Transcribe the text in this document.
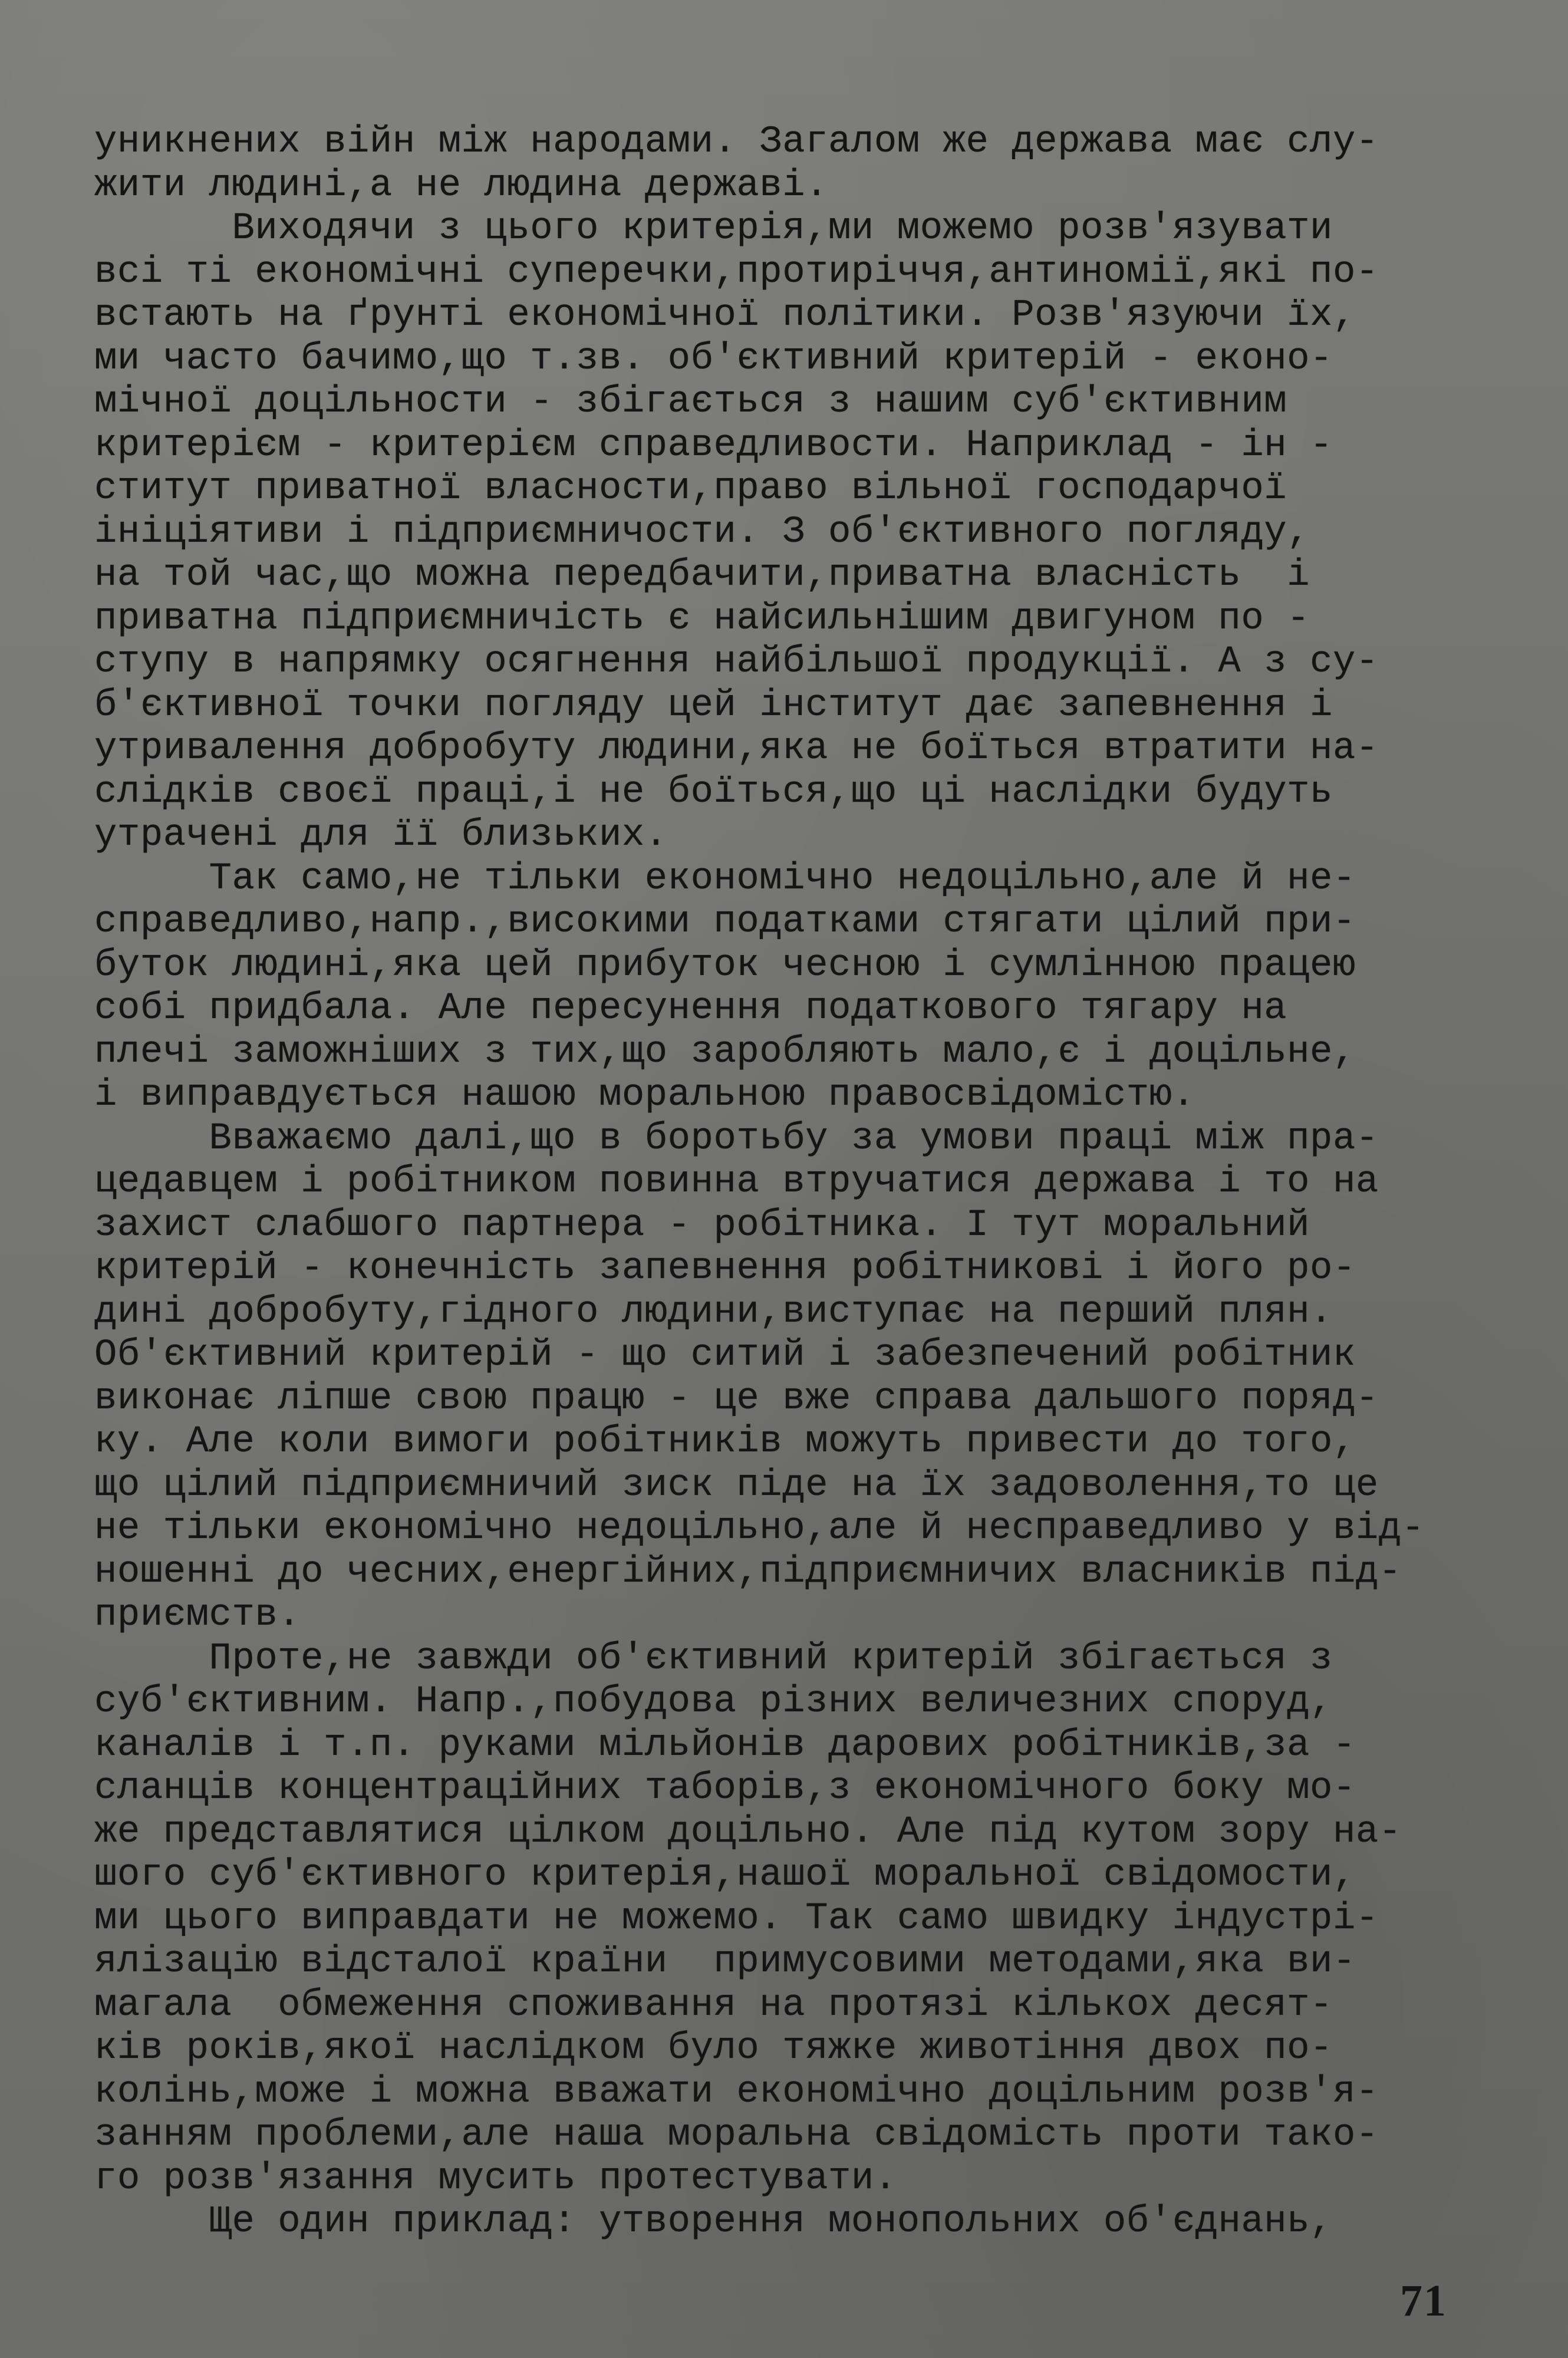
уникнених війн між народами. Загалом же держава має слу-
жити людині,а не людина державі.
Виходячи з цього критерія,ми можемо розв'язувати
всі ті економічні суперечки,протиріччя,антиномії,які по-
встають на ґрунті економічної політики. Розв'язуючи їх,
ми часто бачимо,що т.зв. об'єктивний критерій - еконо-
мічної доцільности - збігається з нашим суб'єктивним
критерієм - критерієм справедливости. Наприклад - ін -
ститут приватної власности,право вільної господарчої
ініціятиви і підприємничости. З об'єктивного погляду,
на той час,що можна передбачити,приватна власність  і
приватна підприємничість є найсильнішим двигуном по -
ступу в напрямку осягнення найбільшої продукції. А з су-
б'єктивної точки погляду цей інститут дає запевнення і
утривалення добробуту людини,яка не боїться втратити на-
слідків своєї праці,і не боїться,що ці наслідки будуть
утрачені для її близьких.
Так само,не тільки економічно недоцільно,але й не-
справедливо,напр.,високими податками стягати цілий при-
буток людині,яка цей прибуток чесною і сумлінною працею
собі придбала. Але пересунення податкового тягару на
плечі заможніших з тих,що заробляють мало,є і доцільне,
і виправдується нашою моральною правосвідомістю.
Вважаємо далі,що в боротьбу за умови праці між пра-
цедавцем і робітником повинна втручатися держава і то на
захист слабшого партнера - робітника. І тут моральний
критерій - конечність запевнення робітникові і його ро-
дині добробуту,гідного людини,виступає на перший плян.
Об'єктивний критерій - що ситий і забезпечений робітник
виконає ліпше свою працю - це вже справа дальшого поряд-
ку. Але коли вимоги робітників можуть привести до того,
що цілий підприємничий зиск піде на їх задоволення,то це
не тільки економічно недоцільно,але й несправедливо у від-
ношенні до чесних,енергійних,підприємничих власників під-
приємств.
Проте,не завжди об'єктивний критерій збігається з
суб'єктивним. Напр.,побудова різних величезних споруд,
каналів і т.п. руками мільйонів дарових робітників,за -
сланців концентраційних таборів,з економічного боку мо-
же представлятися цілком доцільно. Але під кутом зору на-
шого суб'єктивного критерія,нашої моральної свідомости,
ми цього виправдати не можемо. Так само швидку індустрі-
ялізацію відсталої країни  примусовими методами,яка ви-
магала  обмеження споживання на протязі кількох десят-
ків років,якої наслідком було тяжке животіння двох по-
колінь,може і можна вважати економічно доцільним розв'я-
занням проблеми,але наша моральна свідомість проти тако-
го розв'язання мусить протестувати.
Ще один приклад: утворення монопольних об'єднань,
71
